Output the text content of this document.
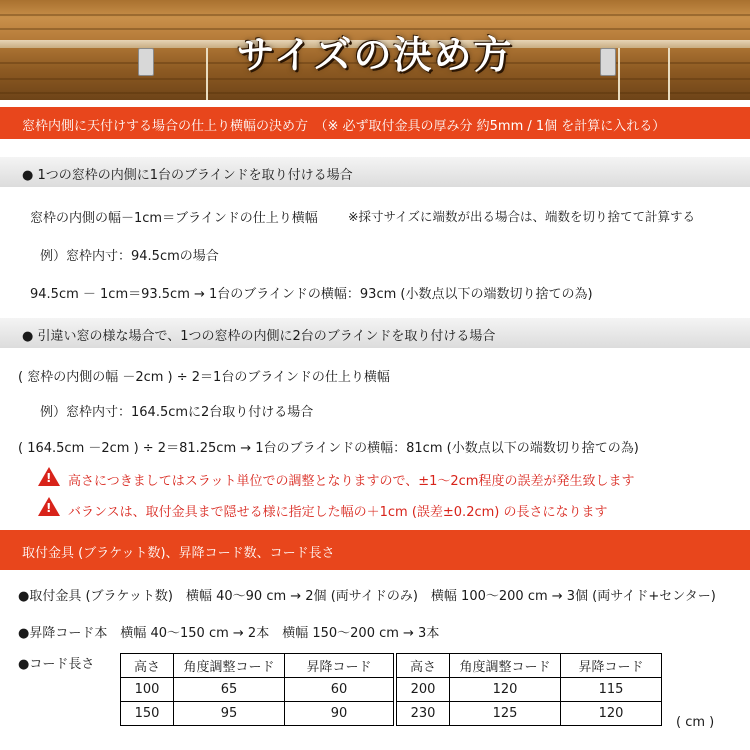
サイズの決め方
窓枠内側に天付けする場合の仕上り横幅の決め方　（※ 必ず取付金具の厚み分 約5mm / 1個 を計算に入れる）
● 1つの窓枠の内側に1台のブラインドを取り付ける場合
窓枠の内側の幅－1cm＝ブラインドの仕上り横幅 ※採寸サイズに端数が出る場合は、端数を切り捨てて計算する
例）窓枠内寸：94.5cmの場合
94.5cm － 1cm＝93.5cm → 1台のブラインドの横幅：93cm (小数点以下の端数切り捨ての為)
● 引違い窓の様な場合で、1つの窓枠の内側に2台のブラインドを取り付ける場合
( 窓枠の内側の幅 －2cm ) ÷ 2＝1台のブラインドの仕上り横幅
例）窓枠内寸：164.5cmに2台取り付ける場合
( 164.5cm －2cm ) ÷ 2＝81.25cm → 1台のブラインドの横幅：81cm (小数点以下の端数切り捨ての為)
! 高さにつきましてはスラット単位での調整となりますので、±1～2cm程度の誤差が発生致します
! バランスは、取付金具まで隠せる様に指定した幅の＋1cm (誤差±0.2cm) の長さになります
取付金具 (ブラケット数)、昇降コード数、コード長さ
●取付金具 (ブラケット数)　横幅 40～90 cm → 2個 (両サイドのみ)　横幅 100～200 cm → 3個 (両サイド+センター)
●昇降コード本　横幅 40～150 cm → 2本　横幅 150～200 cm → 3本
●コード長さ	高さ	角度調整コード	昇降コード		高さ	角度調整コード	昇降コード
100	65	60		200	120	115
150	95	90		230	125	120
( cm )
